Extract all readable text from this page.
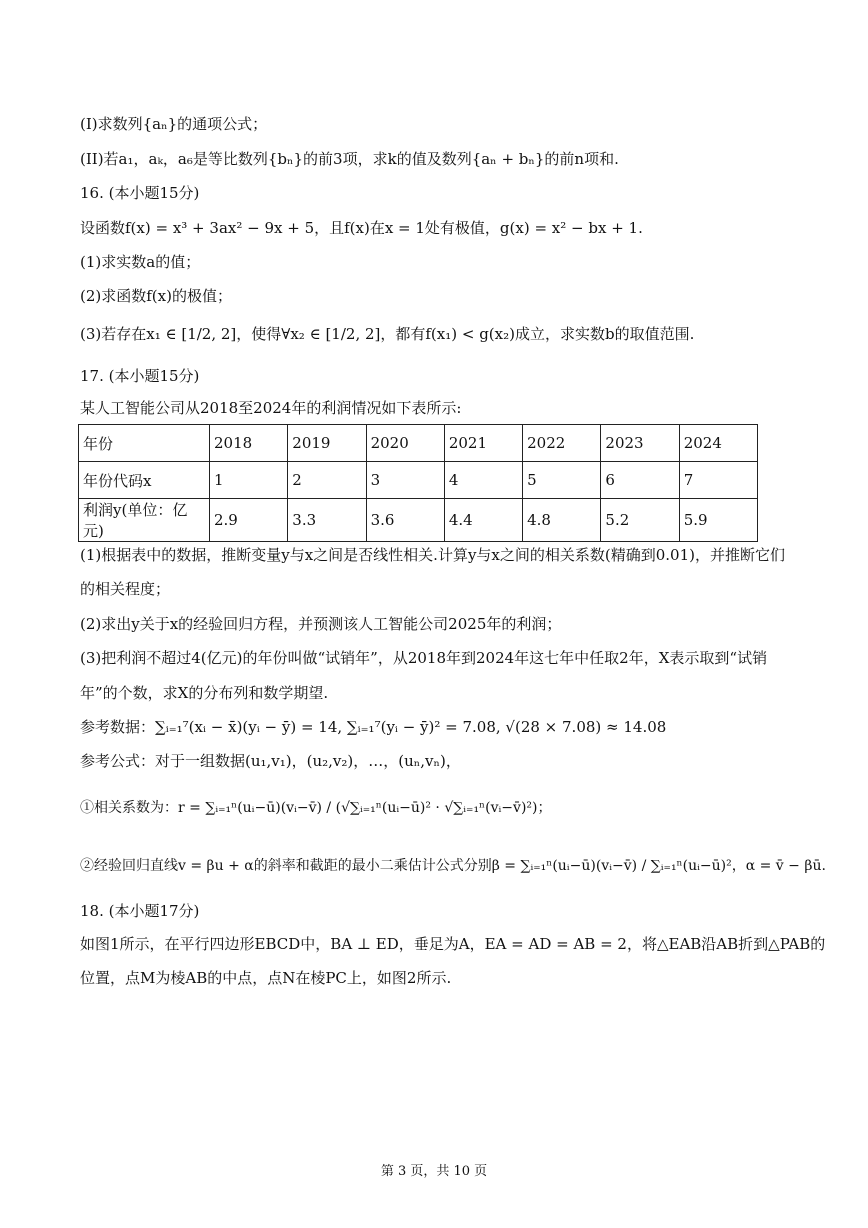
(I)求数列{aₙ}的通项公式；
(II)若a₁，aₖ，a₆是等比数列{bₙ}的前3项，求k的值及数列{aₙ + bₙ}的前n项和.
16. (本小题15分)
设函数f(x) = x³ + 3ax² − 9x + 5，且f(x)在x = 1处有极值，g(x) = x² − bx + 1.
(1)求实数a的值；
(2)求函数f(x)的极值；
(3)若存在x₁ ∈ [1/2, 2]，使得∀x₂ ∈ [1/2, 2]，都有f(x₁) < g(x₂)成立，求实数b的取值范围.
17. (本小题15分)
某人工智能公司从2018至2024年的利润情况如下表所示:
年份	2018	2019	2020	2021	2022	2023	2024
年份代码x	1	2	3	4	5	6	7
利润y(单位：亿元)	2.9	3.3	3.6	4.4	4.8	5.2	5.9
(1)根据表中的数据，推断变量y与x之间是否线性相关.计算y与x之间的相关系数(精确到0.01)，并推断它们
的相关程度；
(2)求出y关于x的经验回归方程，并预测该人工智能公司2025年的利润；
(3)把利润不超过4(亿元)的年份叫做“试销年”，从2018年到2024年这七年中任取2年，X表示取到“试销
年”的个数，求X的分布列和数学期望.
参考数据：∑ᵢ₌₁⁷(xᵢ − x̄)(yᵢ − ȳ) = 14, ∑ᵢ₌₁⁷(yᵢ − ȳ)² = 7.08, √(28 × 7.08) ≈ 14.08
参考公式：对于一组数据(u₁,v₁)，(u₂,v₂)，…，(uₙ,vₙ)，
①相关系数为：r = ∑ᵢ₌₁ⁿ(uᵢ−ū)(vᵢ−v̄) / (√∑ᵢ₌₁ⁿ(uᵢ−ū)² · √∑ᵢ₌₁ⁿ(vᵢ−v̄)²)；
②经验回归直线v = βu + α的斜率和截距的最小二乘估计公式分别β = ∑ᵢ₌₁ⁿ(uᵢ−ū)(vᵢ−v̄) / ∑ᵢ₌₁ⁿ(uᵢ−ū)²，α = v̄ − βū.
18. (本小题17分)
如图1所示，在平行四边形EBCD中，BA ⊥ ED，垂足为A，EA = AD = AB = 2，将△EAB沿AB折到△PAB的
位置，点M为棱AB的中点，点N在棱PC上，如图2所示.
第 3 页，共 10 页
